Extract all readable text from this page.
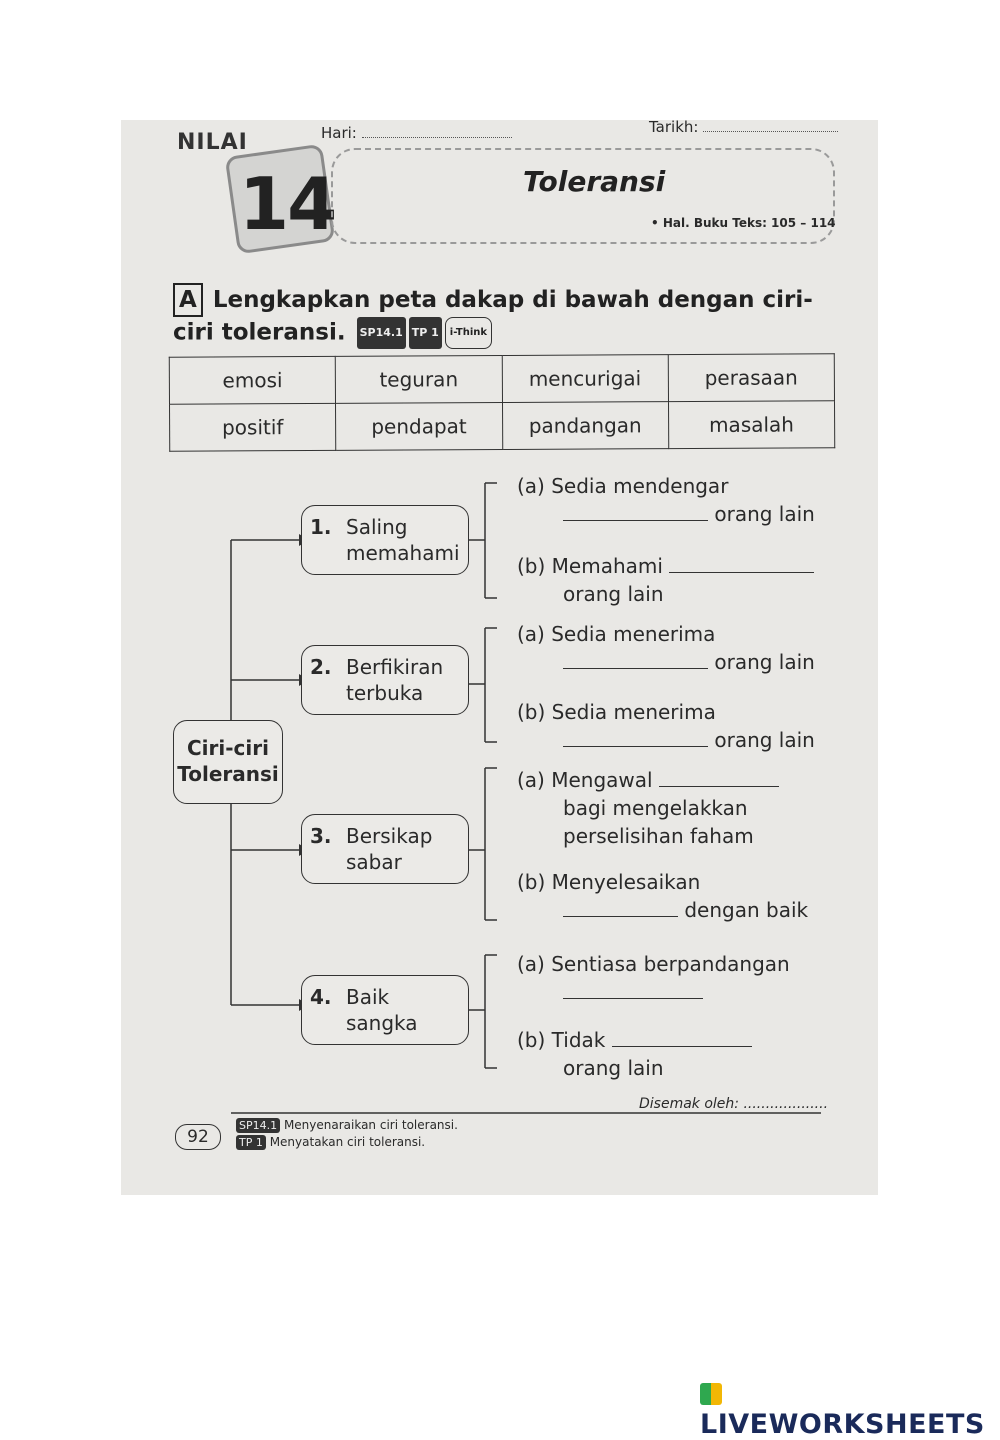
NILAI
14
Hari:	Tarikh:
Toleransi
• Hal. Buku Teks: 105 – 114
A Lengkapkan peta dakap di bawah dengan ciri-ciri toleransi. SP14.1 TP 1 i-Think
emosi	teguran	mencurigai	perasaan
positif	pendapat	pandangan	masalah
Ciri-ciri Toleransi
1. Saling memahami
(a) Sedia mendengar
orang lain
(b) Memahami
orang lain
2. Berfikiran terbuka
(a) Sedia menerima
orang lain
(b) Sedia menerima
orang lain
3. Bersikap sabar
(a) Mengawal
bagi mengelakkan perselisihan faham
(b) Menyelesaikan
dengan baik
4. Baik sangka
(a) Sentiasa berpandangan

(b) Tidak
orang lain
Disemak oleh: ...................
92
SP14.1 Menyenaraikan ciri toleransi.
TP 1 Menyatakan ciri toleransi.
LIVEWORKSHEETS
